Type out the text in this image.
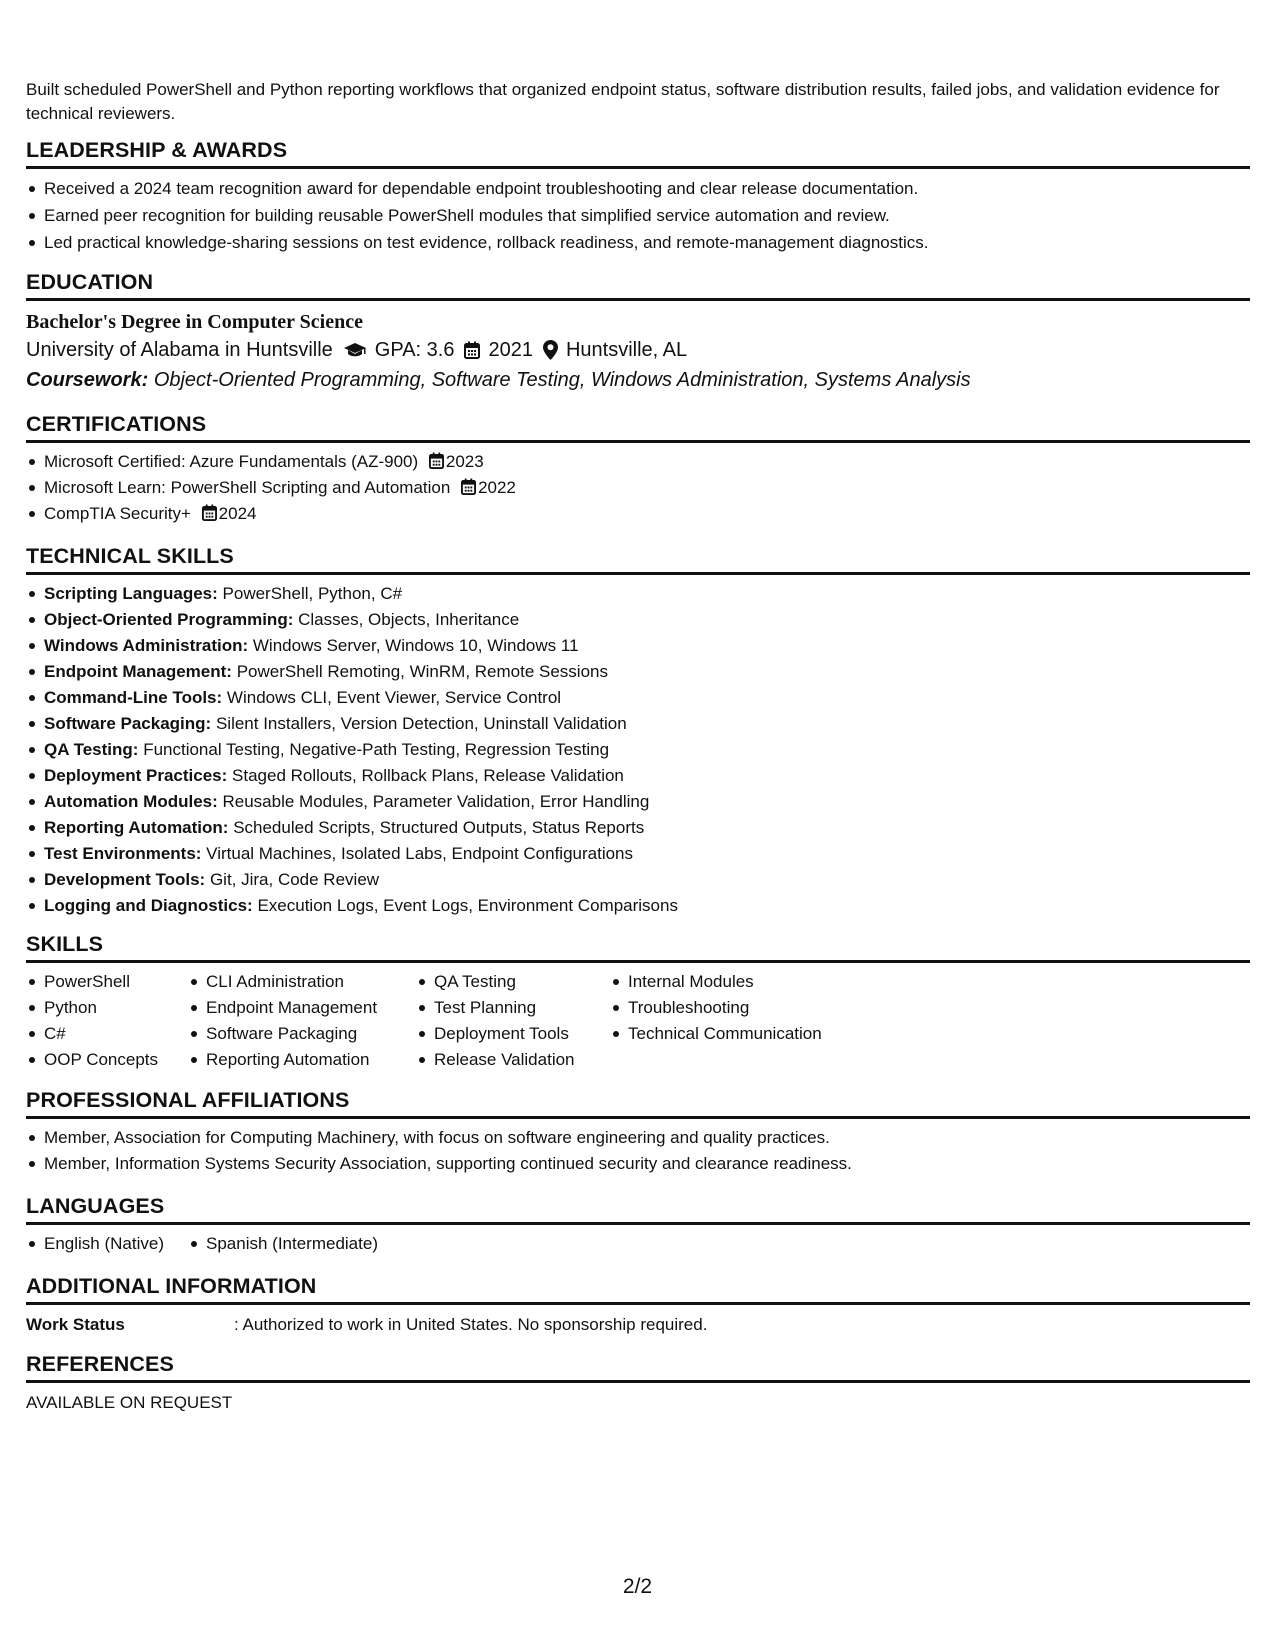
Built scheduled PowerShell and Python reporting workflows that organized endpoint status, software distribution results, failed jobs, and validation evidence for technical reviewers.

LEADERSHIP & AWARDS
Received a 2024 team recognition award for dependable endpoint troubleshooting and clear release documentation.
Earned peer recognition for building reusable PowerShell modules that simplified service automation and review.
Led practical knowledge-sharing sessions on test evidence, rollback readiness, and remote-management diagnostics.
EDUCATION
Bachelor's Degree in Computer Science
University of Alabama in Huntsville GPA: 3.6 2021 Huntsville, AL
Coursework: Object-Oriented Programming, Software Testing, Windows Administration, Systems Analysis
CERTIFICATIONS
Microsoft Certified: Azure Fundamentals (AZ-900) 2023
Microsoft Learn: PowerShell Scripting and Automation 2022
CompTIA Security+ 2024
TECHNICAL SKILLS
Scripting Languages: PowerShell, Python, C#
Object-Oriented Programming: Classes, Objects, Inheritance
Windows Administration: Windows Server, Windows 10, Windows 11
Endpoint Management: PowerShell Remoting, WinRM, Remote Sessions
Command-Line Tools: Windows CLI, Event Viewer, Service Control
Software Packaging: Silent Installers, Version Detection, Uninstall Validation
QA Testing: Functional Testing, Negative-Path Testing, Regression Testing
Deployment Practices: Staged Rollouts, Rollback Plans, Release Validation
Automation Modules: Reusable Modules, Parameter Validation, Error Handling
Reporting Automation: Scheduled Scripts, Structured Outputs, Status Reports
Test Environments: Virtual Machines, Isolated Labs, Endpoint Configurations
Development Tools: Git, Jira, Code Review
Logging and Diagnostics: Execution Logs, Event Logs, Environment Comparisons
SKILLS
PowerShell
Python
C#
OOP Concepts
CLI Administration
Endpoint Management
Software Packaging
Reporting Automation
QA Testing
Test Planning
Deployment Tools
Release Validation
Internal Modules
Troubleshooting
Technical Communication
PROFESSIONAL AFFILIATIONS
Member, Association for Computing Machinery, with focus on software engineering and quality practices.
Member, Information Systems Security Association, supporting continued security and clearance readiness.
LANGUAGES
English (Native)	Spanish (Intermediate)
ADDITIONAL INFORMATION
Work Status	: Authorized to work in United States. No sponsorship required.
REFERENCES
AVAILABLE ON REQUEST
2/2
